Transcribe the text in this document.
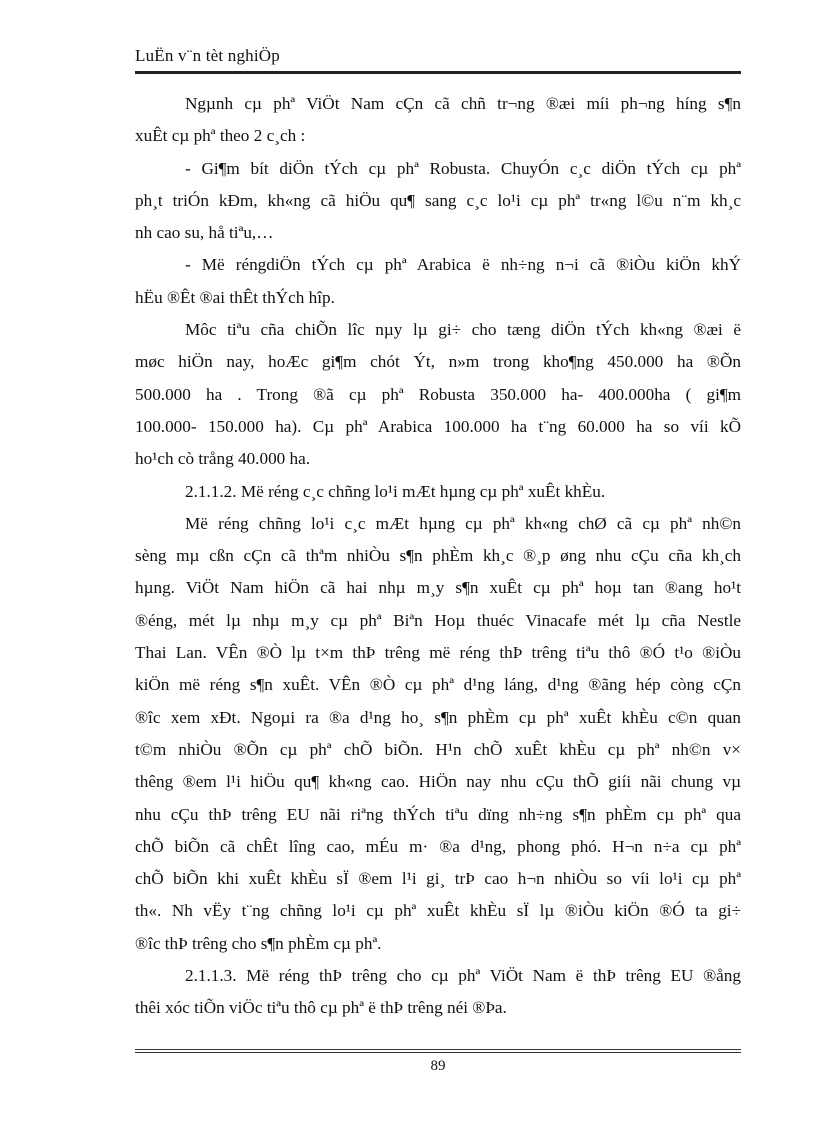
LuËn v¨n tèt nghiÖp

Ngµnh cµ phª ViÖt Nam cÇn cã chñ tr¬ng ®æi míi ph¬ng híng s¶n
xuÊt cµ phª theo 2 c¸ch :

- Gi¶m bít diÖn tÝch cµ phª Robusta. ChuyÓn c¸c diÖn tÝch cµ phª
ph¸t triÓn kÐm, kh«ng cã hiÖu qu¶ sang c¸c lo¹i cµ phª tr«ng l©u n¨m kh¸c
nh cao su, hå tiªu,…

- Më réngdiÖn tÝch cµ phª Arabica ë nh÷ng n¬i cã ®iÒu kiÖn khÝ
hËu ®Êt ®ai thÊt thÝch hîp.

Môc tiªu cña chiÕn lîc nµy lµ gi÷ cho tæng diÖn tÝch kh«ng ®æi ë
møc hiÖn nay, hoÆc gi¶m chót Ýt, n»m trong kho¶ng 450.000 ha ®Õn
500.000 ha . Trong ®ã cµ phª Robusta 350.000 ha- 400.000ha ( gi¶m
100.000- 150.000 ha). Cµ phª Arabica 100.000 ha t¨ng 60.000 ha so víi kÕ
ho¹ch cò trång 40.000 ha.

2.1.1.2. Më réng c¸c chñng lo¹i mÆt hµng cµ phª xuÊt khÈu.

Më réng chñng lo¹i c¸c mÆt hµng cµ phª kh«ng chØ cã cµ phª nh©n
sèng mµ cßn cÇn cã thªm nhiÒu s¶n phÈm kh¸c ®¸p øng nhu cÇu cña kh¸ch
hµng. ViÖt Nam hiÖn cã hai nhµ m¸y s¶n xuÊt cµ phª hoµ tan ®ang ho¹t
®éng, mét lµ nhµ m¸y cµ phª Biªn Hoµ thuéc Vinacafe mét lµ cña Nestle
Thai Lan. VÊn ®Ò lµ t×m thÞ trêng më réng thÞ trêng tiªu thô ®Ó t¹o ®iÒu
kiÖn më réng s¶n xuÊt. VÊn ®Ò cµ phª d¹ng láng, d¹ng ®ãng hép còng cÇn
®îc xem xÐt. Ngoµi ra ®a d¹ng ho¸ s¶n phÈm cµ phª xuÊt khÈu c©n quan
t©m nhiÒu ®Õn cµ phª chÕ biÕn. H¹n chÕ xuÊt khÈu cµ phª nh©n v×
thêng ®em l¹i hiÖu qu¶ kh«ng cao. HiÖn nay nhu cÇu thÕ giíi nãi chung vµ
nhu cÇu thÞ trêng EU nãi riªng thÝch tiªu dïng nh÷ng s¶n phÈm cµ phª qua
chÕ biÕn cã chÊt lîng cao, mÉu m· ®a d¹ng, phong phó. H¬n n÷a cµ phª
chÕ biÕn khi xuÊt khÈu sÏ ®em l¹i gi¸ trÞ cao h¬n nhiÒu so víi lo¹i cµ phª
th«. Nh vËy t¨ng chñng lo¹i cµ phª xuÊt khÈu sÏ lµ ®iÒu kiÖn ®Ó ta gi÷
®îc thÞ trêng cho s¶n phÈm cµ phª.

2.1.1.3. Më réng thÞ trêng cho cµ phª ViÖt Nam ë thÞ trêng EU ®ång
thêi xóc tiÕn viÖc tiªu thô cµ phª ë thÞ trêng néi ®Þa.

89
